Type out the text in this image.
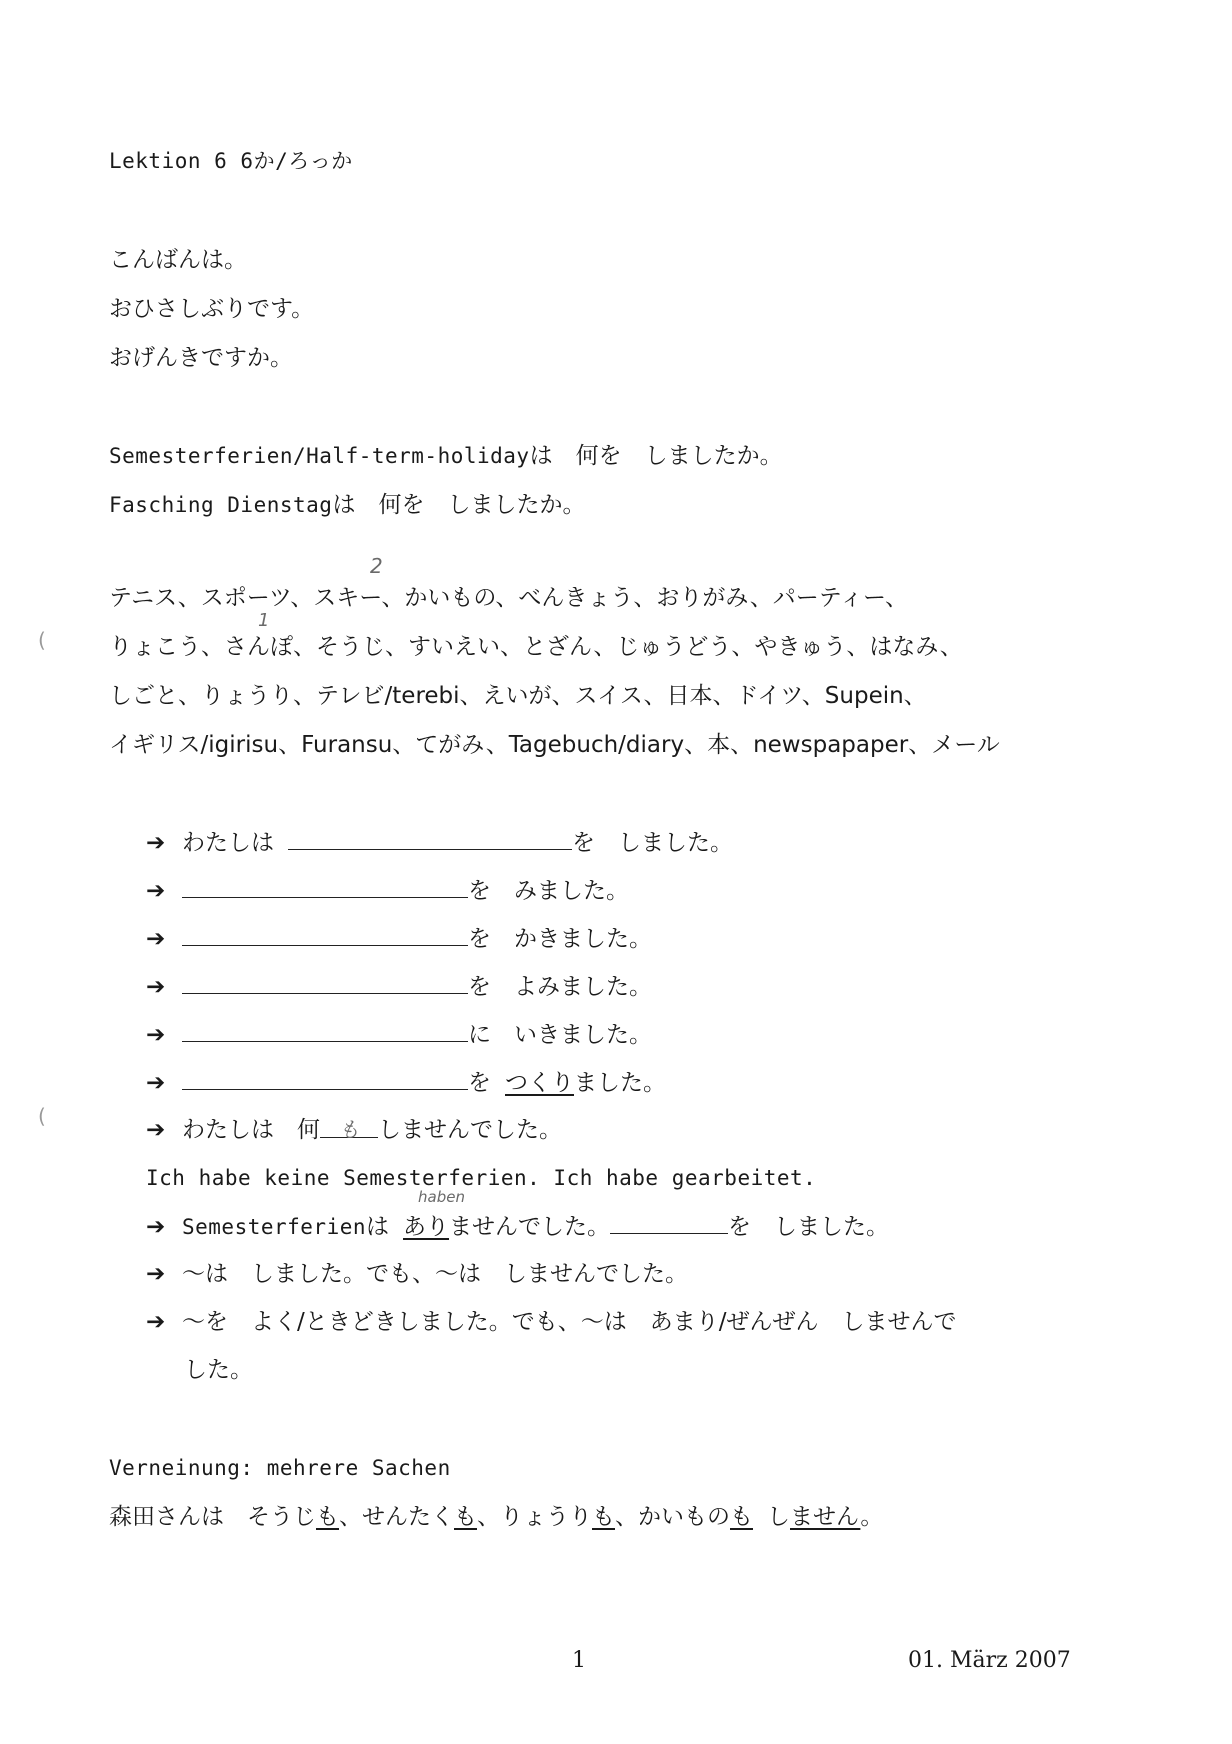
Lektion 6 6か/ろっか
こんばんは。
おひさしぶりです。
おげんきですか。
Semesterferien/Half-term-holidayは　何を　しましたか。
Fasching Dienstagは　何を　しましたか。
2
テニス、スポーツ、スキー、かいもの、べんきょう、おりがみ、パーティー、
1
りょこう、さんぽ、そうじ、すいえい、とざん、じゅうどう、やきゅう、はなみ、
しごと、りょうり、テレビ/terebi、えいが、スイス、日本、ドイツ、Supein、
イギリス/igirisu、Furansu、てがみ、Tagebuch/diary、本、newspapaper、メール
(
(
➔ わたしは	を　しました。
➔	を　みました。
➔	を　かきました。
➔	を　よみました。
➔	に　いきました。
➔	を つくりました。
➔ わたしは　何 も しませんでした。
Ich habe keine Semesterferien. Ich habe gearbeitet.
haben
➔ Semesterferienは ありませんでした。	を　しました。
➔ ～は　しました。でも、～は　しませんでした。
➔ ～を　よく/ときどきしました。でも、～は　あまり/ぜんぜん　しませんで
した。
Verneinung: mehrere Sachen
森田さんは　そうじも、せんたくも、りょうりも、かいものも しません。
1	01. März 2007
